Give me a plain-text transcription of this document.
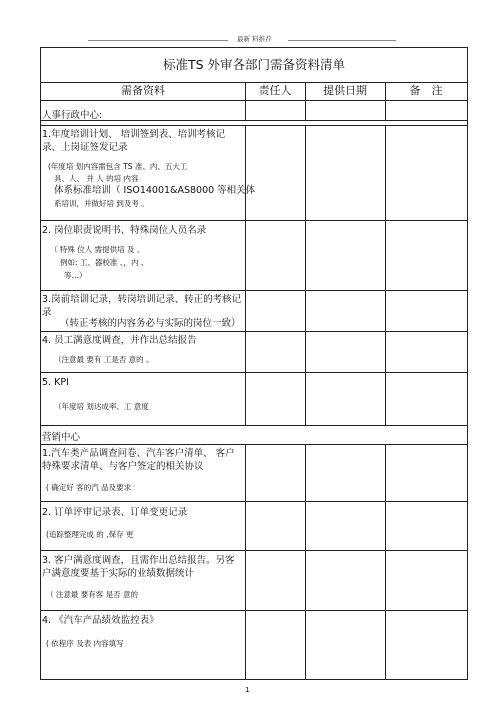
最新 料推荐
标准TS 外审各部门需备资料清单
需备资料	责任人	提供日期	备　注
人事行政中心:
1.年度培训计划、 培训签到表、培训考核记录、上岗证签发记录
(年度培 划内容需包含 TS 准、内、五大工
具、人、 并 人 的培 内容
体系标准培训（ ISO14001&AS8000 等相关体
系培训，并做好培 到及考 。
2. 岗位职责说明书、特殊岗位人员名录
（ 特殊 位人 需提供培 及 。
例如: 工、器校准 、，内 、
等…）
3.岗前培训记录，转岗培训记录、转正的考核记录
（转正考核的内容务必与实际的岗位一致）
4. 员工满意度调查，并作出总结报告
（注意最 要有 工是否 意的 。
5. KPI
（年度培 划达成率、工 意度
营销中心
1.汽车类产品调查问卷、汽车客户清单、 客户特殊要求清单、与客户签定的相关协议
( 确定好 客的汽 品及要求
2. 订单评审记录表、订单变更记录
(追踪整理完成 的 ,保存 更
3. 客户满意度调查，且需作出总结报告。另客户满意度要基于实际的业绩数据统计
（ 注意最 要有客 是否 意的
4. 《汽车产品绩效监控表》
( 依程序 及表 内容填写
1
